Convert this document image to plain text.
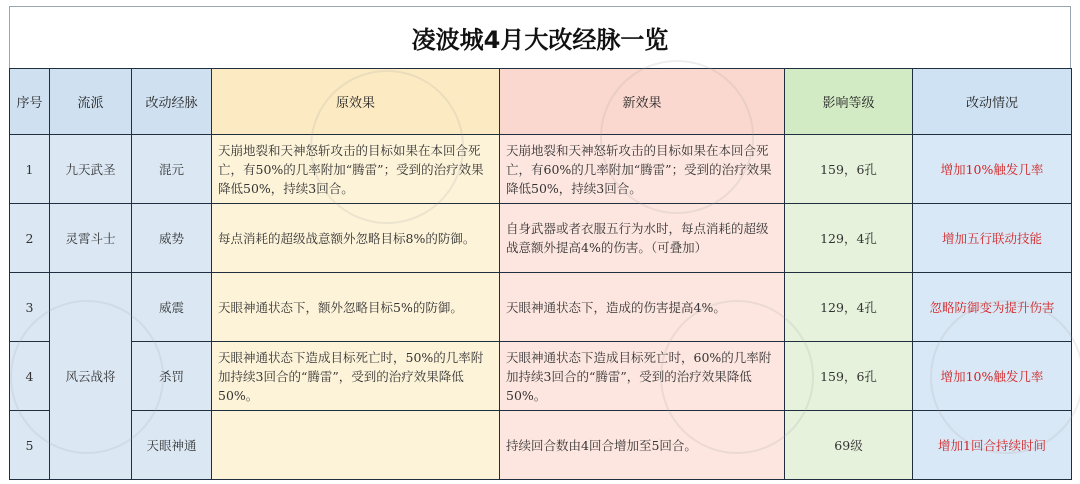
凌波城4月大改经脉一览
序号	流派	改动经脉	原效果	新效果	影响等级	改动情况
1	九天武圣	混元	天崩地裂和天神怒斩攻击的目标如果在本回合死亡，有50%的几率附加“腾雷”；受到的治疗效果降低50%，持续3回合。	天崩地裂和天神怒斩攻击的目标如果在本回合死亡，有60%的几率附加“腾雷”；受到的治疗效果降低50%，持续3回合。	159，6孔	增加10%触发几率
2	灵霄斗士	威势	每点消耗的超级战意额外忽略目标8%的防御。	自身武器或者衣服五行为水时，每点消耗的超级战意额外提高4%的伤害。（可叠加）	129，4孔	增加五行联动技能
3	风云战将	威震	天眼神通状态下，额外忽略目标5%的防御。	天眼神通状态下，造成的伤害提高4%。	129，4孔	忽略防御变为提升伤害
4		杀罚	天眼神通状态下造成目标死亡时，50%的几率附加持续3回合的“腾雷”，受到的治疗效果降低50%。	天眼神通状态下造成目标死亡时，60%的几率附加持续3回合的“腾雷”，受到的治疗效果降低50%。	159，6孔	增加10%触发几率
5		天眼神通		持续回合数由4回合增加至5回合。	69级	增加1回合持续时间
